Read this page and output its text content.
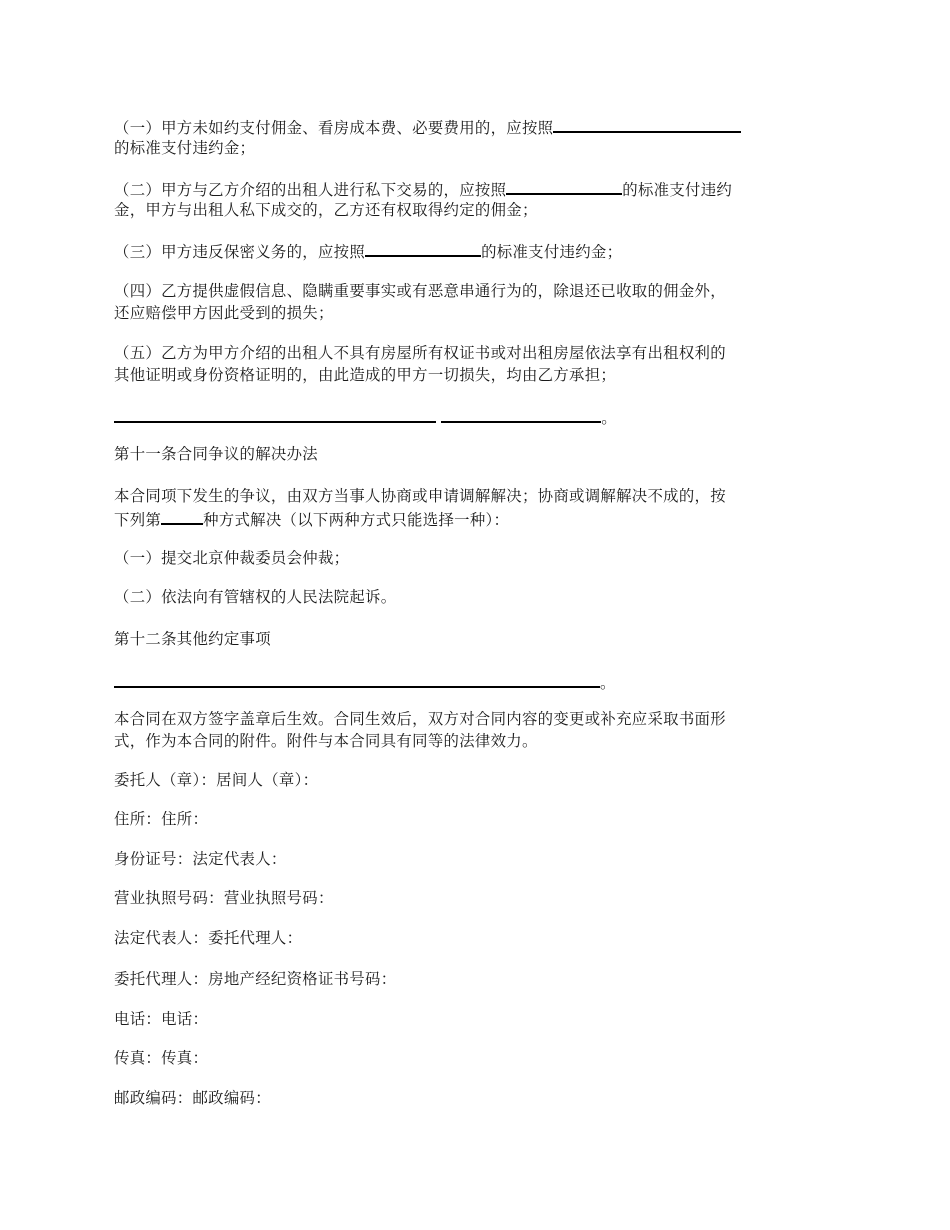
（一）甲方未如约支付佣金、看房成本费、必要费用的，应按照
的标准支付违约金；
（二）甲方与乙方介绍的出租人进行私下交易的，应按照	的标准支付违约
金，甲方与出租人私下成交的，乙方还有权取得约定的佣金；
（三）甲方违反保密义务的，应按照	的标准支付违约金；
（四）乙方提供虚假信息、隐瞒重要事实或有恶意串通行为的，除退还已收取的佣金外，
还应赔偿甲方因此受到的损失；
（五）乙方为甲方介绍的出租人不具有房屋所有权证书或对出租房屋依法享有出租权利的
其他证明或身份资格证明的，由此造成的甲方一切损失，均由乙方承担；
。
第十一条合同争议的解决办法
本合同项下发生的争议，由双方当事人协商或申请调解解决；协商或调解解决不成的，按
下列第	种方式解决（以下两种方式只能选择一种）：
（一）提交北京仲裁委员会仲裁；
（二）依法向有管辖权的人民法院起诉。
第十二条其他约定事项
。
本合同在双方签字盖章后生效。合同生效后，双方对合同内容的变更或补充应采取书面形
式，作为本合同的附件。附件与本合同具有同等的法律效力。
委托人（章）：居间人（章）：
住所：住所：
身份证号：法定代表人：
营业执照号码：营业执照号码：
法定代表人：委托代理人：
委托代理人：房地产经纪资格证书号码：
电话：电话：
传真：传真：
邮政编码：邮政编码：
